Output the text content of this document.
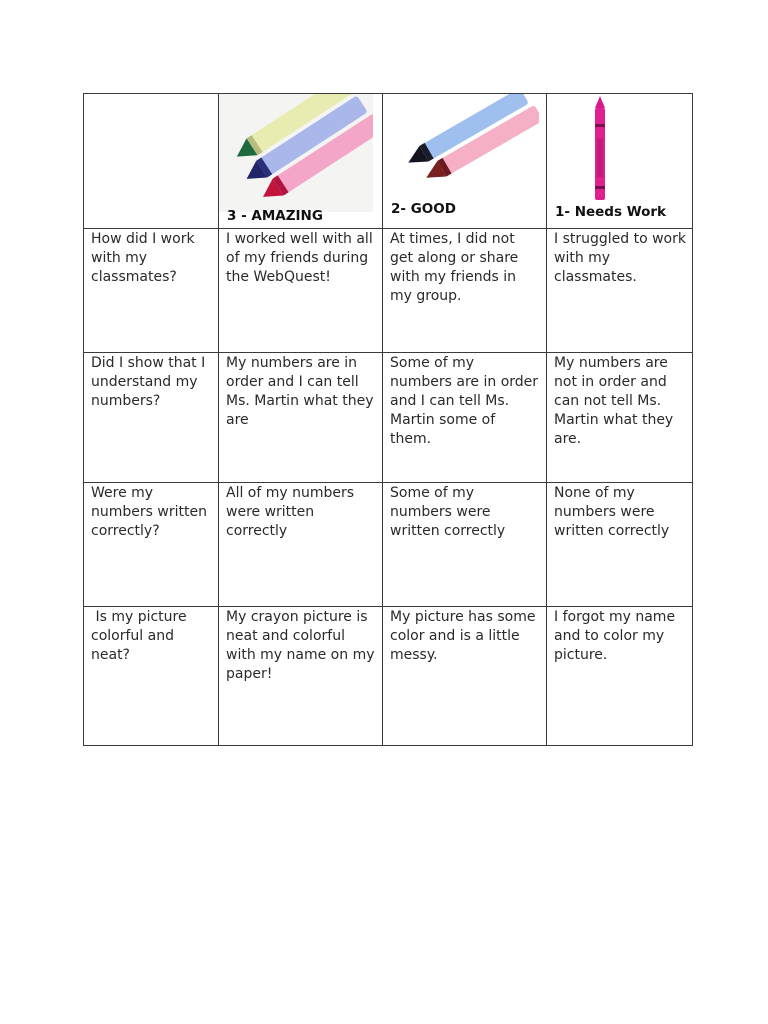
	3 - AMAZING	2- GOOD	1- Needs Work

How did I work with my classmates?	I worked well with all of my friends during the WebQuest!	At times, I did not get along or share with my friends in my group.	I struggled to work with my classmates.
Did I show that I understand my numbers?	My numbers are in order and I can tell Ms. Martin what they are	Some of my numbers are in order and I can tell Ms. Martin some of them.	My numbers are not in order and can not tell Ms. Martin what they are.
Were my numbers written correctly?	All of my numbers were written correctly	Some of my numbers were written correctly	None of my numbers were written correctly
Is my picture colorful and neat?	My crayon picture is neat and colorful with my name on my paper!	My picture has some color and is a little messy.	I forgot my name and to color my picture.
